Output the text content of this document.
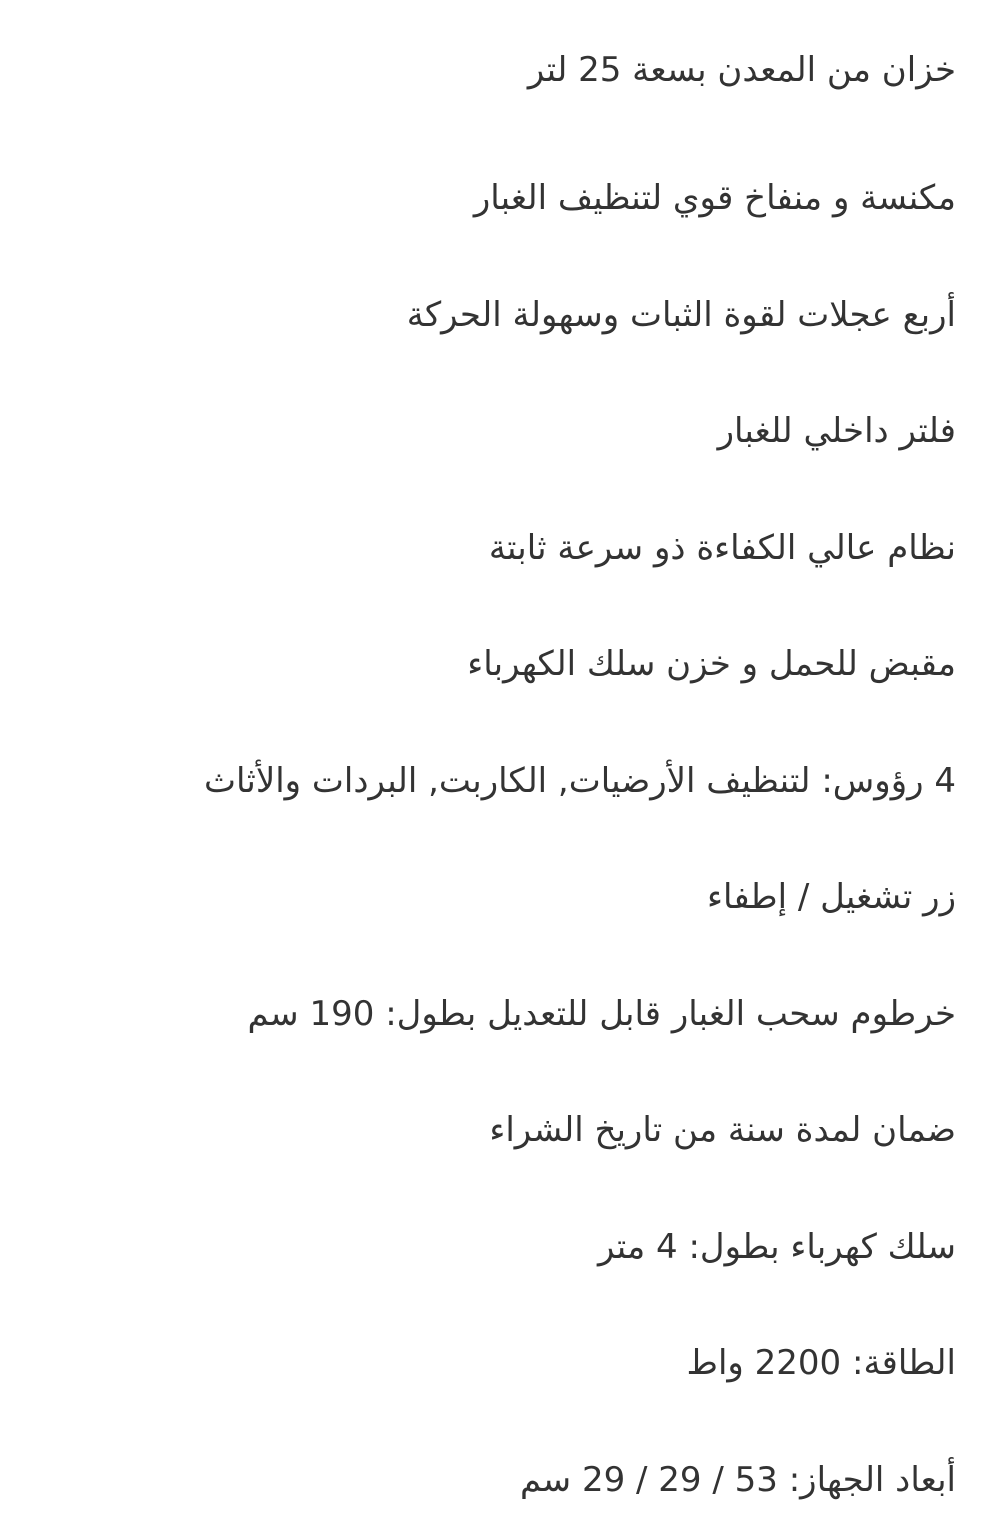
خزان من المعدن بسعة 25 لتر
مكنسة و منفاخ قوي لتنظيف الغبار
أربع عجلات لقوة الثبات وسهولة الحركة
فلتر داخلي للغبار
نظام عالي الكفاءة ذو سرعة ثابتة
مقبض للحمل و خزن سلك الكهرباء
4 رؤوس: لتنظيف الأرضيات, الكاربت, البردات والأثاث
زر تشغيل / إطفاء
خرطوم سحب الغبار قابل للتعديل بطول: 190 سم
ضمان لمدة سنة من تاريخ الشراء
سلك كهرباء بطول: 4 متر
الطاقة: 2200 واط
أبعاد الجهاز: 53 / 29 / 29 سم
